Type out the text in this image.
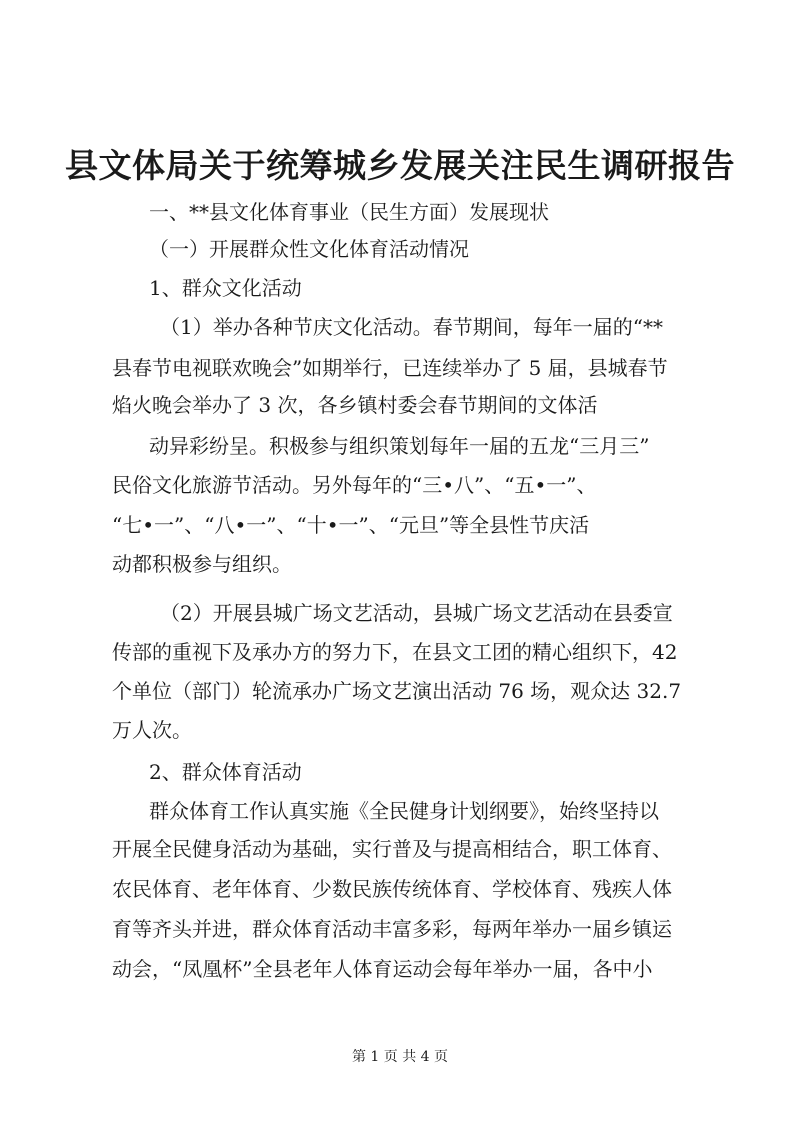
县文体局关于统筹城乡发展关注民生调研报告
一、**县文化体育事业（民生方面）发展现状
（一）开展群众性文化体育活动情况
1、群众文化活动
（1）举办各种节庆文化活动。春节期间，每年一届的“**
县春节电视联欢晚会”如期举行，已连续举办了 5 届，县城春节
焰火晚会举办了 3 次，各乡镇村委会春节期间的文体活
动异彩纷呈。积极参与组织策划每年一届的五龙“三月三”
民俗文化旅游节活动。另外每年的“三•八”、“五•一”、
“七•一”、“八•一”、“十•一”、“元旦”等全县性节庆活
动都积极参与组织。
（2）开展县城广场文艺活动，县城广场文艺活动在县委宣
传部的重视下及承办方的努力下，在县文工团的精心组织下，42
个单位（部门）轮流承办广场文艺演出活动 76 场，观众达 32.7
万人次。
2、群众体育活动
群众体育工作认真实施《全民健身计划纲要》，始终坚持以
开展全民健身活动为基础，实行普及与提高相结合，职工体育、
农民体育、老年体育、少数民族传统体育、学校体育、残疾人体
育等齐头并进，群众体育活动丰富多彩，每两年举办一届乡镇运
动会，“凤凰杯”全县老年人体育运动会每年举办一届，各中小
第 1 页 共 4 页
